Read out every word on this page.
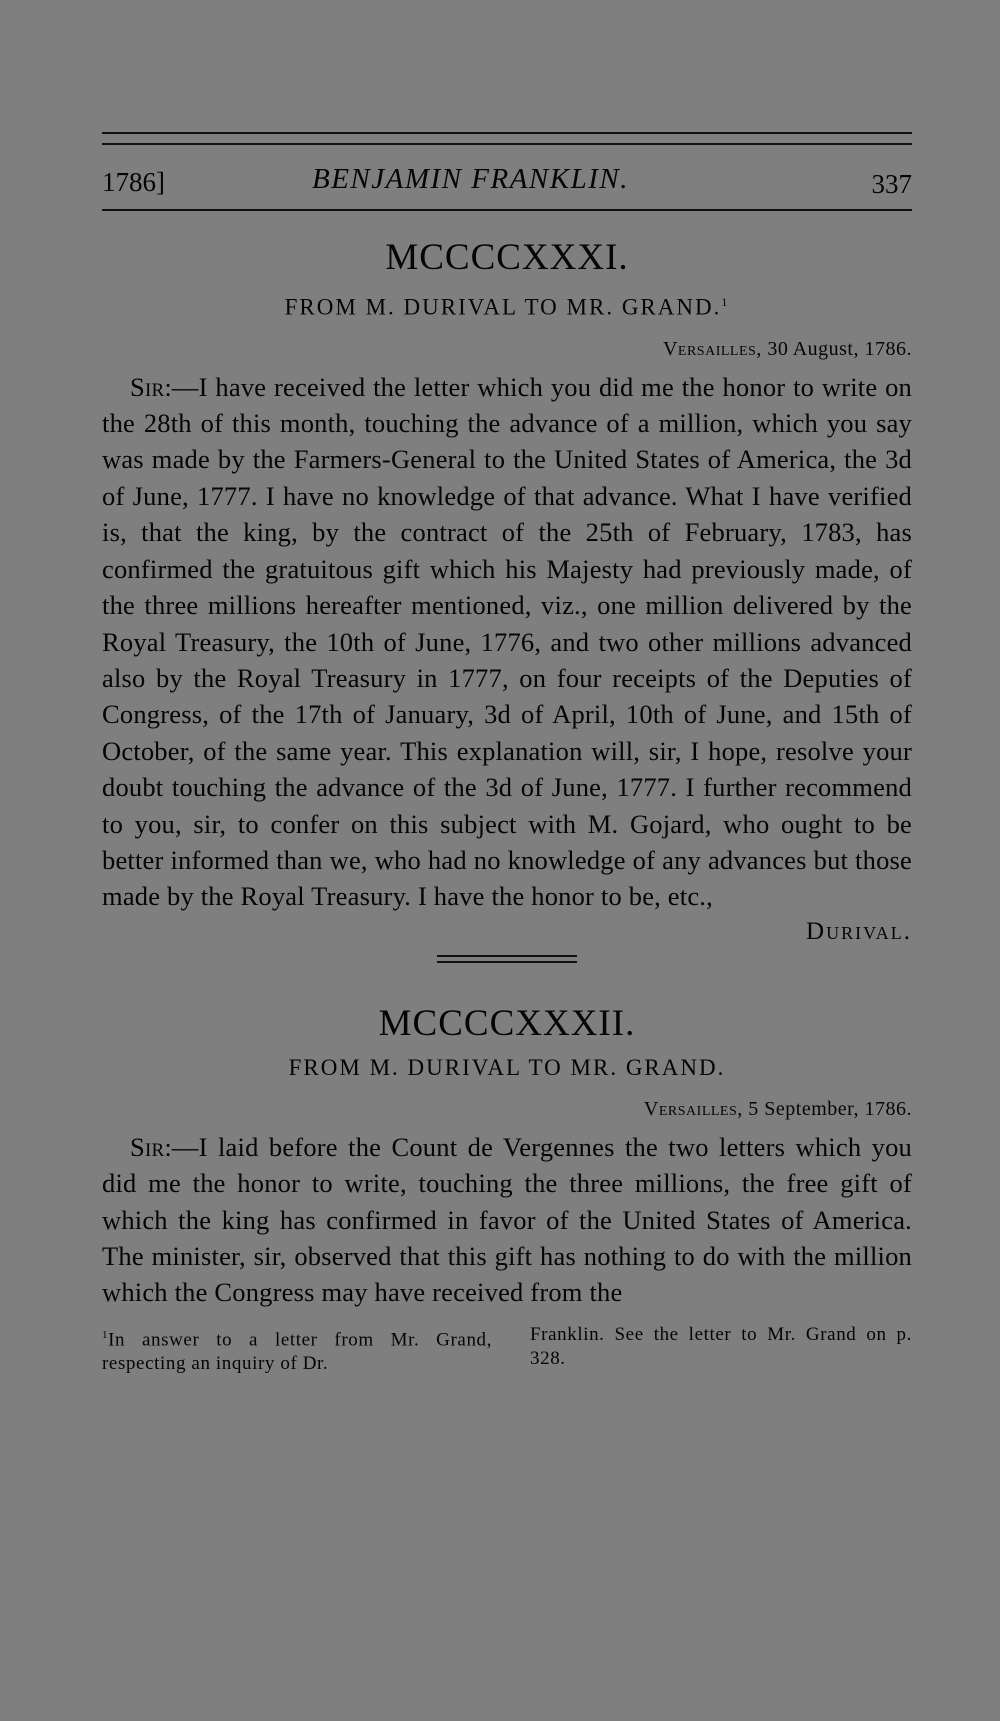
1786]	BENJAMIN FRANKLIN.	337
MCCCCXXXI.
FROM M. DURIVAL TO MR. GRAND.$^1$
Versailles, 30 August, 1786.
Sir:—I have received the letter which you did me the honor to write on the 28th of this month, touching the advance of a million, which you say was made by the Farmers-General to the United States of America, the 3d of June, 1777. I have no knowledge of that advance. What I have verified is, that the king, by the contract of the 25th of February, 1783, has confirmed the gratuitous gift which his Majesty had previously made, of the three millions hereafter mentioned, viz., one million delivered by the Royal Treasury, the 10th of June, 1776, and two other millions advanced also by the Royal Treasury in 1777, on four receipts of the Deputies of Congress, of the 17th of January, 3d of April, 10th of June, and 15th of October, of the same year. This explanation will, sir, I hope, resolve your doubt touching the advance of the 3d of June, 1777. I further recommend to you, sir, to confer on this subject with M. Gojard, who ought to be better informed than we, who had no knowledge of any advances but those made by the Royal Treasury. I have the honor to be, etc.,
Durival.
MCCCCXXXII.
FROM M. DURIVAL TO MR. GRAND.
Versailles, 5 September, 1786.
Sir:—I laid before the Count de Vergennes the two letters which you did me the honor to write, touching the three millions, the free gift of which the king has confirmed in favor of the United States of America. The minister, sir, observed that this gift has nothing to do with the million which the Congress may have received from the
$^1$In answer to a letter from Mr. Grand, respecting an inquiry of Dr.
Franklin. See the letter to Mr. Grand on p. 328.
